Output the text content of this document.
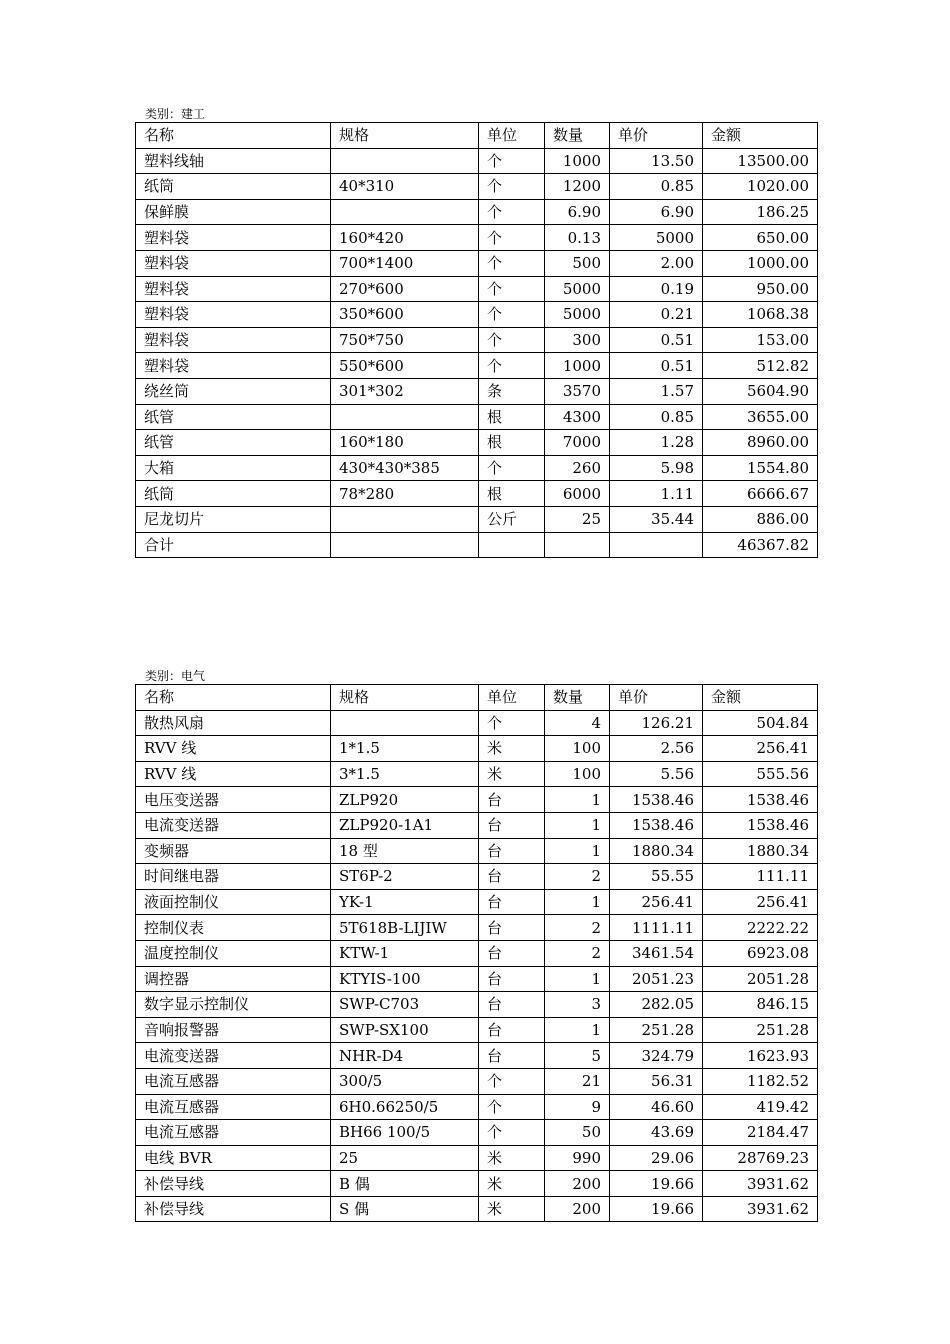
类别：建工
名称	规格	单位	数量	单价	金额
塑料线轴		个	1000	13.50	13500.00
纸筒	40*310	个	1200	0.85	1020.00
保鲜膜		个	6.90	6.90	186.25
塑料袋	160*420	个	0.13	5000	650.00
塑料袋	700*1400	个	500	2.00	1000.00
塑料袋	270*600	个	5000	0.19	950.00
塑料袋	350*600	个	5000	0.21	1068.38
塑料袋	750*750	个	300	0.51	153.00
塑料袋	550*600	个	1000	0.51	512.82
绕丝筒	301*302	条	3570	1.57	5604.90
纸管		根	4300	0.85	3655.00
纸管	160*180	根	7000	1.28	8960.00
大箱	430*430*385	个	260	5.98	1554.80
纸筒	78*280	根	6000	1.11	6666.67
尼龙切片		公斤	25	35.44	886.00
合计					46367.82
类别：电气
名称	规格	单位	数量	单价	金额
散热风扇		个	4	126.21	504.84
RVV 线	1*1.5	米	100	2.56	256.41
RVV 线	3*1.5	米	100	5.56	555.56
电压变送器	ZLP920	台	1	1538.46	1538.46
电流变送器	ZLP920-1A1	台	1	1538.46	1538.46
变频器	18 型	台	1	1880.34	1880.34
时间继电器	ST6P-2	台	2	55.55	111.11
液面控制仪	YK-1	台	1	256.41	256.41
控制仪表	5T618B-LIJIW	台	2	1111.11	2222.22
温度控制仪	KTW-1	台	2	3461.54	6923.08
调控器	KTYIS-100	台	1	2051.23	2051.28
数字显示控制仪	SWP-C703	台	3	282.05	846.15
音响报警器	SWP-SX100	台	1	251.28	251.28
电流变送器	NHR-D4	台	5	324.79	1623.93
电流互感器	300/5	个	21	56.31	1182.52
电流互感器	6H0.66250/5	个	9	46.60	419.42
电流互感器	BH66 100/5	个	50	43.69	2184.47
电线 BVR	25	米	990	29.06	28769.23
补偿导线	B 偶	米	200	19.66	3931.62
补偿导线	S 偶	米	200	19.66	3931.62
